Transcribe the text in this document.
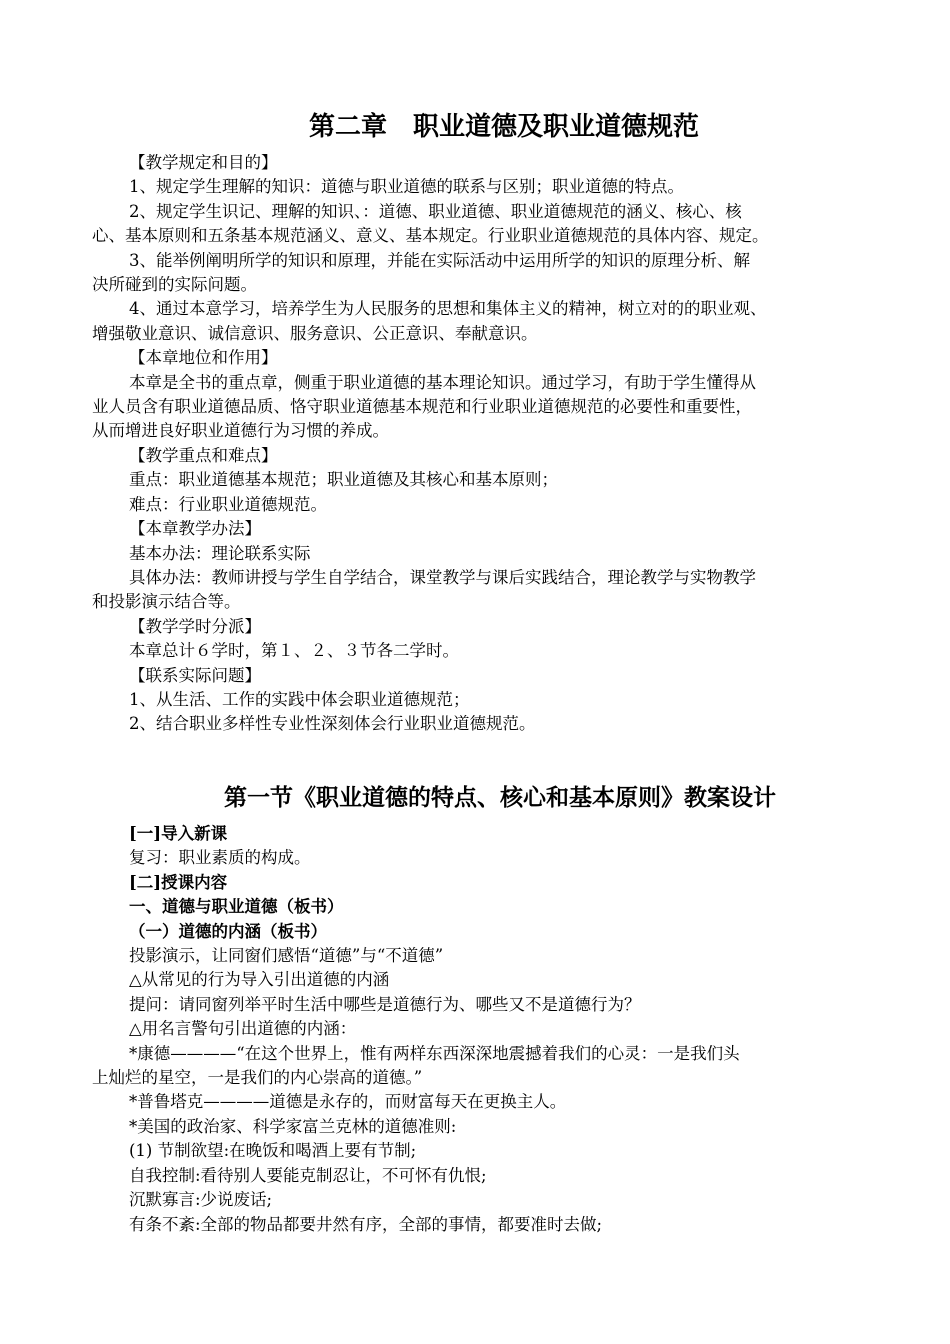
第二章　职业道德及职业道德规范

【教学规定和目的】

1、规定学生理解的知识：道德与职业道德的联系与区别；职业道德的特点。

2、规定学生识记、理解的知识、：道德、职业道德、职业道德规范的涵义、核心、核

心、基本原则和五条基本规范涵义、意义、基本规定。行业职业道德规范的具体内容、规定。

3、能举例阐明所学的知识和原理，并能在实际活动中运用所学的知识的原理分析、解

决所碰到的实际问题。

4、通过本意学习，培养学生为人民服务的思想和集体主义的精神，树立对的的职业观、

增强敬业意识、诚信意识、服务意识、公正意识、奉献意识。

【本章地位和作用】

本章是全书的重点章，侧重于职业道德的基本理论知识。通过学习，有助于学生懂得从

业人员含有职业道德品质、恪守职业道德基本规范和行业职业道德规范的必要性和重要性，

从而增进良好职业道德行为习惯的养成。

【教学重点和难点】

重点：职业道德基本规范；职业道德及其核心和基本原则；

难点：行业职业道德规范。

【本章教学办法】

基本办法：理论联系实际

具体办法：教师讲授与学生自学结合，课堂教学与课后实践结合，理论教学与实物教学

和投影演示结合等。

【教学学时分派】

本章总计６学时，第１、２、３节各二学时。

【联系实际问题】

1、从生活、工作的实践中体会职业道德规范；

2、结合职业多样性专业性深刻体会行业职业道德规范。

第一节《职业道德的特点、核心和基本原则》教案设计

[一]导入新课

复习：职业素质的构成。

[二]授课内容

一、道德与职业道德（板书）

（一）道德的内涵（板书）

投影演示，让同窗们感悟“道德”与“不道德”

△从常见的行为导入引出道德的内涵

提问：请同窗列举平时生活中哪些是道德行为、哪些又不是道德行为？

△用名言警句引出道德的内涵：

*康德————“在这个世界上，惟有两样东西深深地震撼着我们的心灵：一是我们头

上灿烂的星空，一是我们的内心崇高的道德。”

*普鲁塔克————道德是永存的，而财富每天在更换主人。

*美国的政治家、科学家富兰克林的道德准则:

(1) 节制欲望:在晚饭和喝酒上要有节制;

自我控制:看待别人要能克制忍让，不可怀有仇恨;

沉默寡言:少说废话;

有条不紊:全部的物品都要井然有序，全部的事情，都要准时去做;
